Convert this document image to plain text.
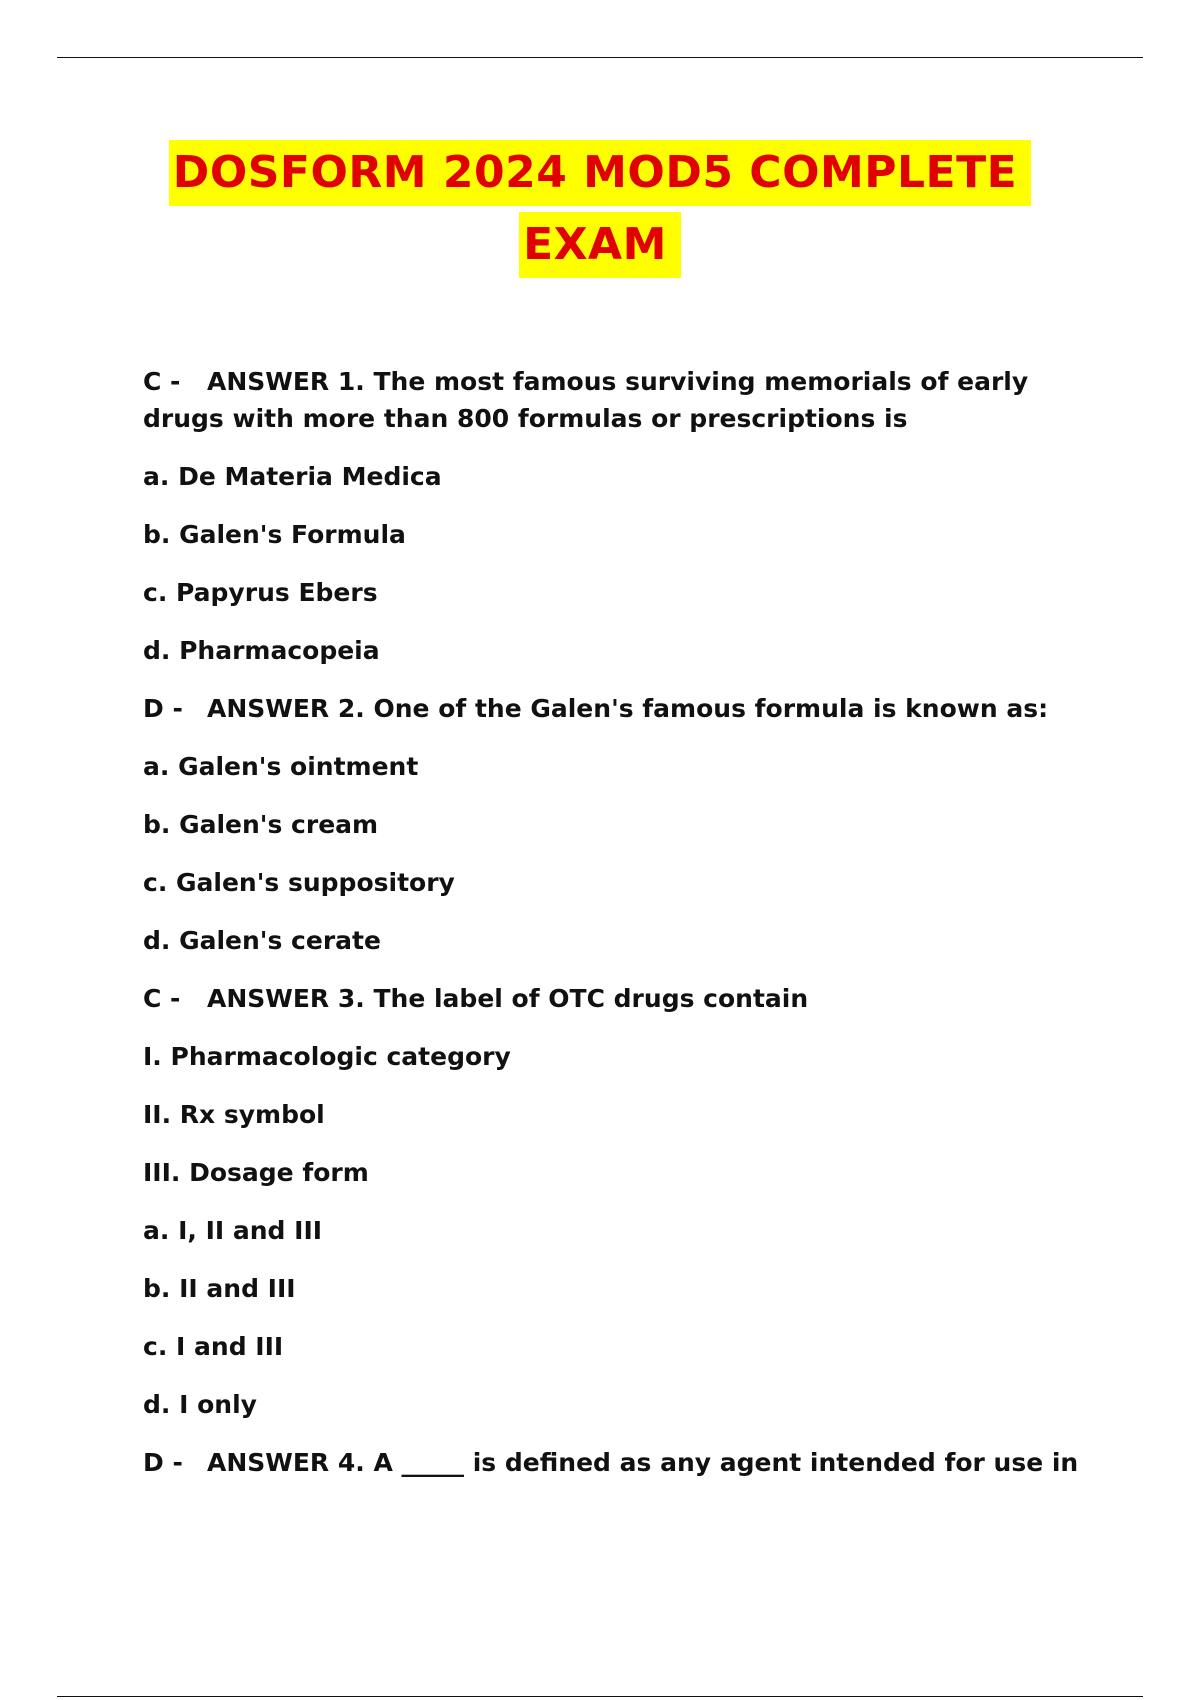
DOSFORM 2024 MOD5 COMPLETE
EXAM
C - ANSWER 1. The most famous surviving memorials of early drugs with more than 800 formulas or prescriptions is
a. De Materia Medica
b. Galen's Formula
c. Papyrus Ebers
d. Pharmacopeia
D - ANSWER 2. One of the Galen's famous formula is known as:
a. Galen's ointment
b. Galen's cream
c. Galen's suppository
d. Galen's cerate
C - ANSWER 3. The label of OTC drugs contain
I. Pharmacologic category
II. Rx symbol
III. Dosage form
a. I, II and III
b. II and III
c. I and III
d. I only
D - ANSWER 4. A _____ is defined as any agent intended for use in
